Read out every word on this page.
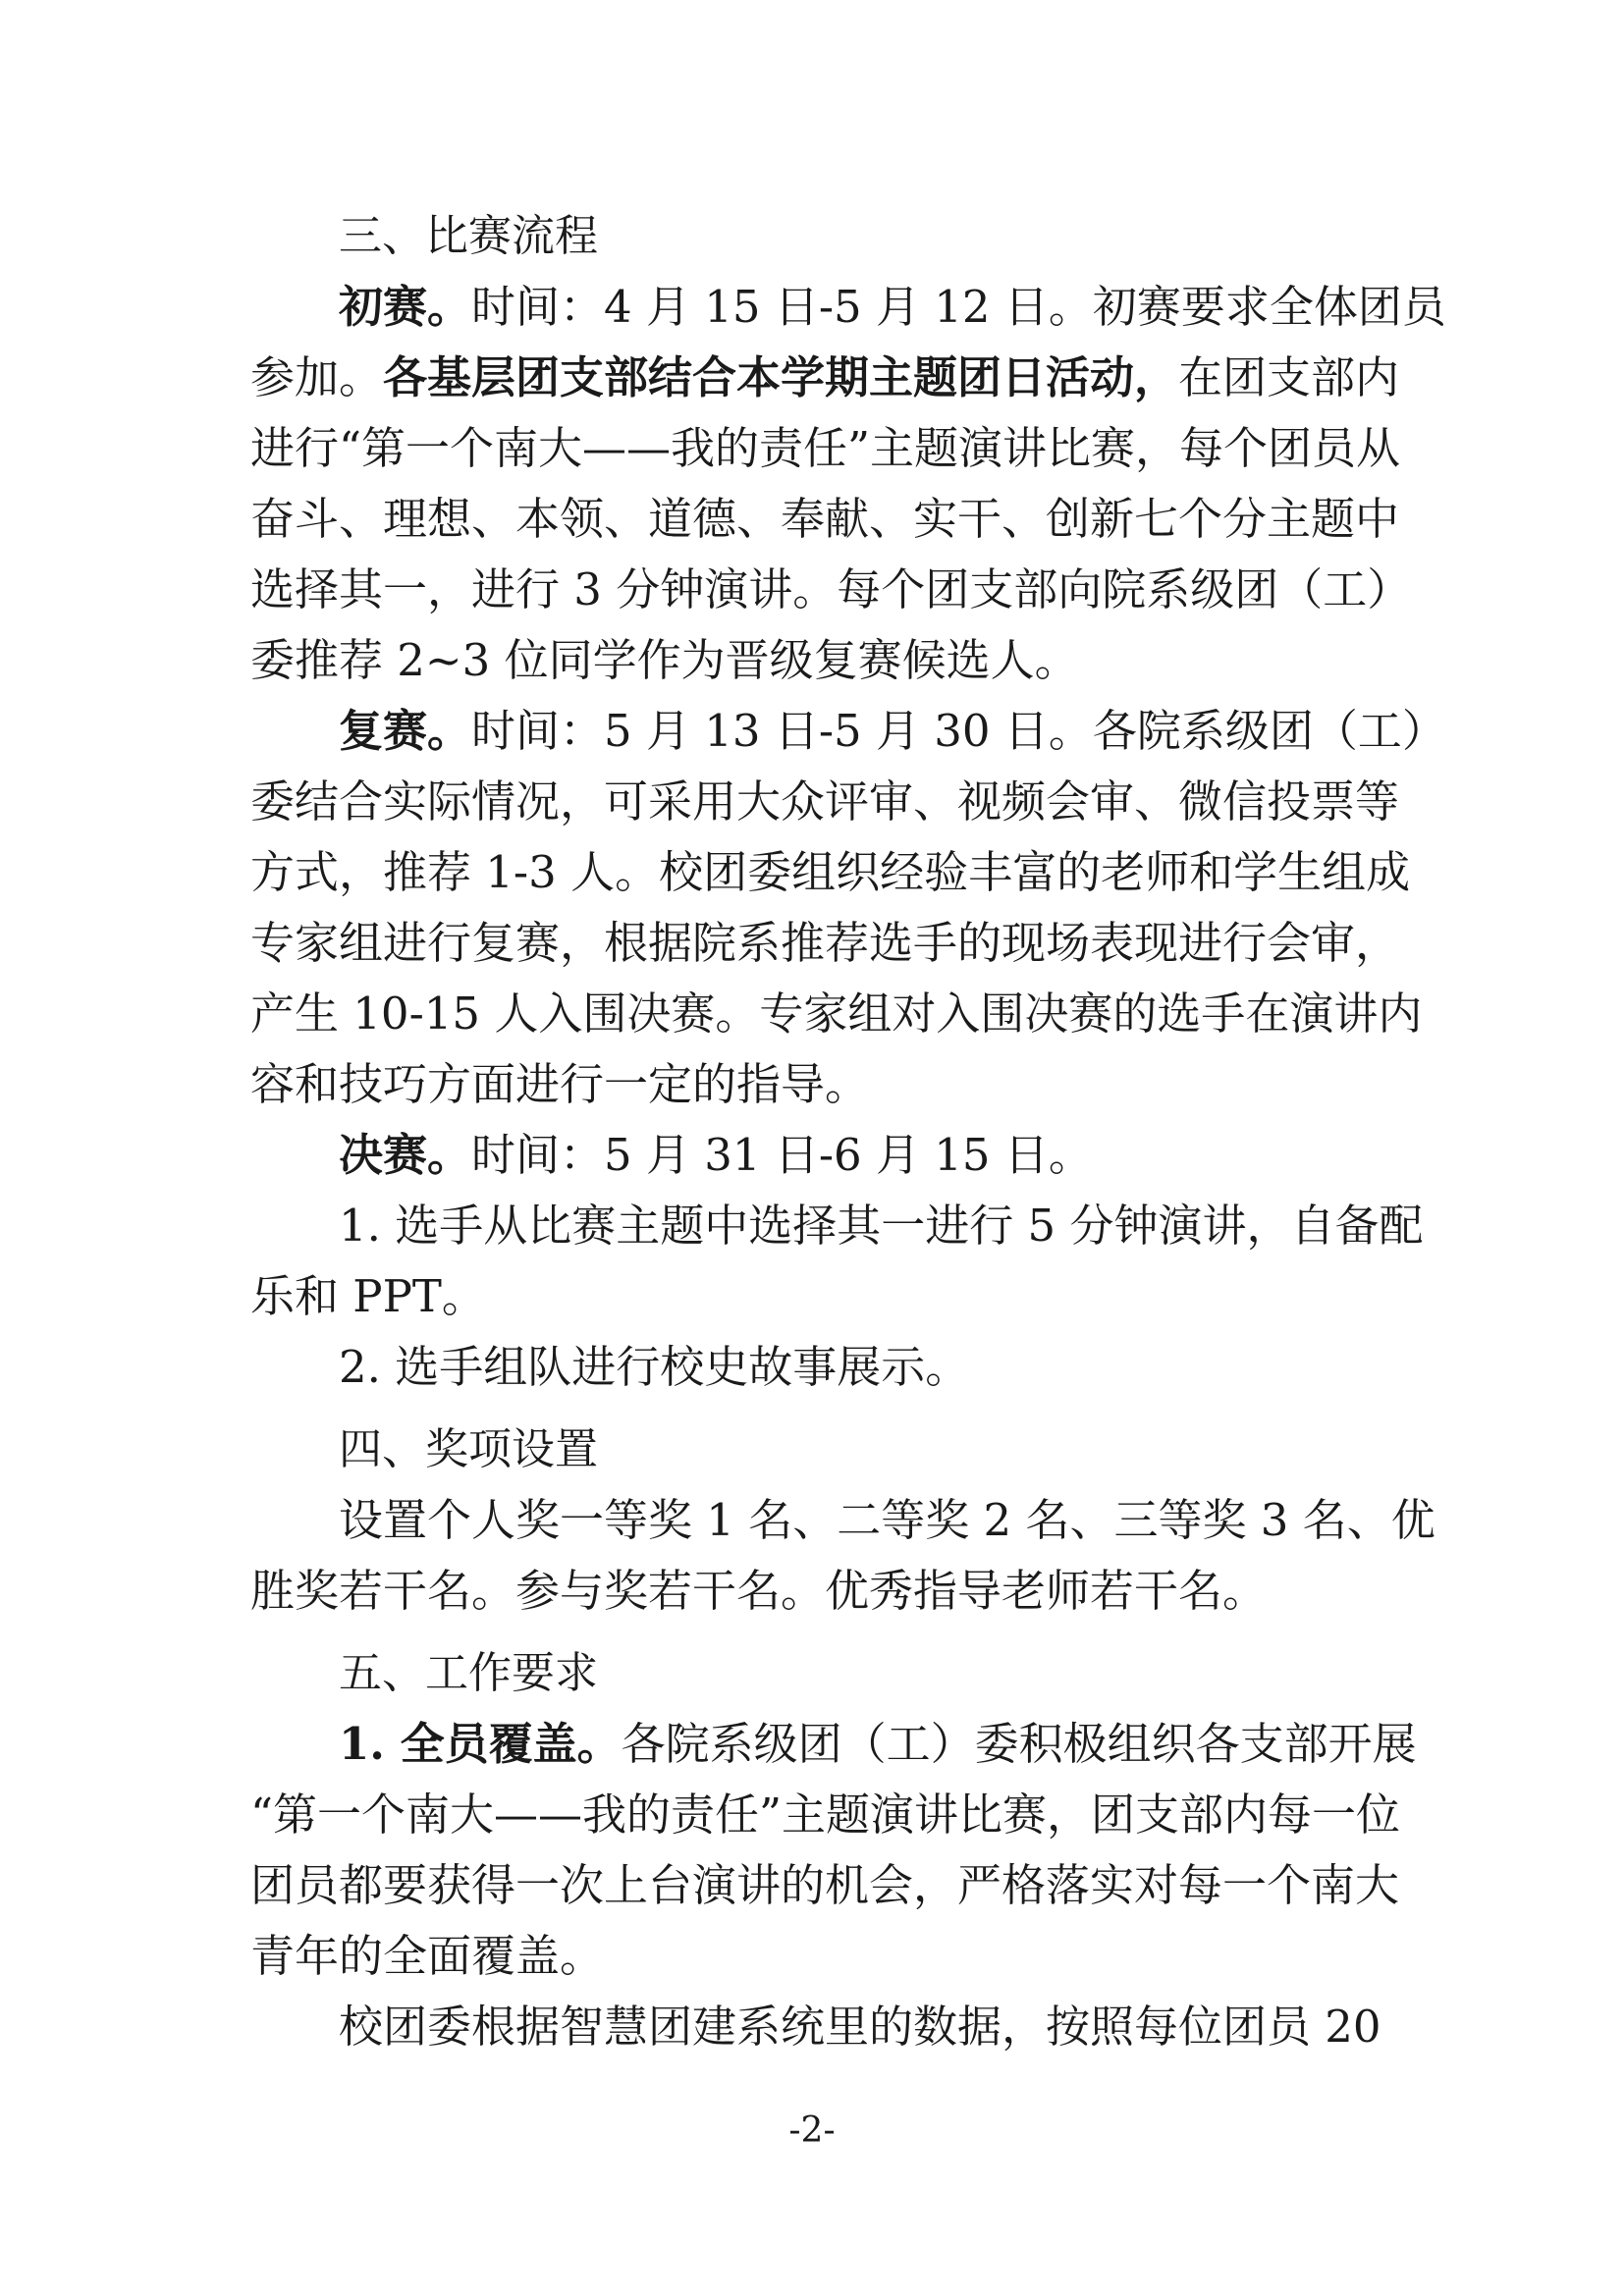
三、比赛流程
初赛。时间：4 月 15 日-5 月 12 日。初赛要求全体团员
参加。各基层团支部结合本学期主题团日活动，在团支部内
进行“第一个南大——我的责任”主题演讲比赛，每个团员从
奋斗、理想、本领、道德、奉献、实干、创新七个分主题中
选择其一，进行 3 分钟演讲。每个团支部向院系级团（工）
委推荐 2~3 位同学作为晋级复赛候选人。
复赛。时间：5 月 13 日-5 月 30 日。各院系级团（工）
委结合实际情况，可采用大众评审、视频会审、微信投票等
方式，推荐 1-3 人。校团委组织经验丰富的老师和学生组成
专家组进行复赛，根据院系推荐选手的现场表现进行会审，
产生 10-15 人入围决赛。专家组对入围决赛的选手在演讲内
容和技巧方面进行一定的指导。
决赛。时间：5 月 31 日-6 月 15 日。
1. 选手从比赛主题中选择其一进行 5 分钟演讲，自备配
乐和 PPT。
2. 选手组队进行校史故事展示。
四、奖项设置
设置个人奖一等奖 1 名、二等奖 2 名、三等奖 3 名、优
胜奖若干名。参与奖若干名。优秀指导老师若干名。
五、工作要求
1. 全员覆盖。各院系级团（工）委积极组织各支部开展
“第一个南大——我的责任”主题演讲比赛，团支部内每一位
团员都要获得一次上台演讲的机会，严格落实对每一个南大
青年的全面覆盖。
校团委根据智慧团建系统里的数据，按照每位团员 20
-2-
